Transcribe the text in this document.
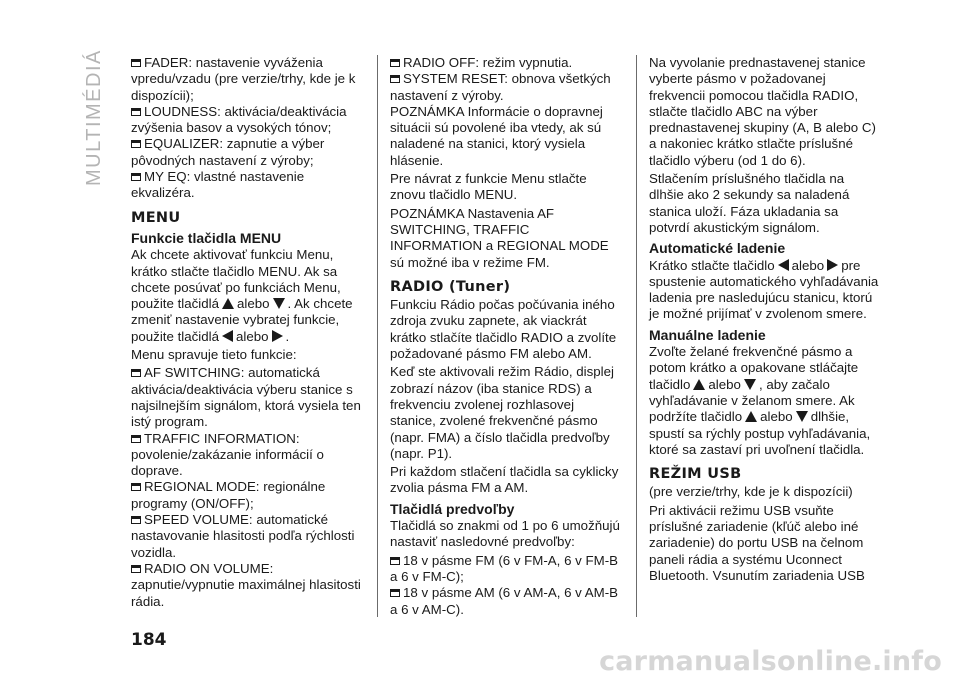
MULTIMÉDIÁ	FADER: nastavenie vyváženia vpredu/vzadu (pre verzie/trhy, kde je k dispozícii);

LOUDNESS: aktivácia/deaktivácia zvýšenia basov a vysokých tónov;

EQUALIZER: zapnutie a výber pôvodných nastavení z výroby;

MY EQ: vlastné nastavenie ekvalizéra.

MENU
Funkcie tlačidla MENU

Ak chcete aktivovať funkciu Menu, krátko stlačte tlačidlo MENU. Ak sa chcete posúvať po funkciách Menu, použite tlačidlá alebo . Ak chcete zmeniť nastavenie vybratej funkcie, použite tlačidlá alebo .

Menu spravuje tieto funkcie:

AF SWITCHING: automatická aktivácia/deaktivácia výberu stanice s najsilnejším signálom, ktorá vysiela ten istý program.

TRAFFIC INFORMATION: povolenie/zakázanie informácií o doprave.

REGIONAL MODE: regionálne programy (ON/OFF);

SPEED VOLUME: automatické nastavovanie hlasitosti podľa rýchlosti vozidla.

RADIO ON VOLUME: zapnutie/vypnutie maximálnej hlasitosti rádia.

RADIO OFF: režim vypnutia.

SYSTEM RESET: obnova všetkých nastavení z výroby.

POZNÁMKA Informácie o dopravnej situácii sú povolené iba vtedy, ak sú naladené na stanici, ktorý vysiela hlásenie.

Pre návrat z funkcie Menu stlačte znovu tlačidlo MENU.

POZNÁMKA Nastavenia AF SWITCHING, TRAFFIC INFORMATION a REGIONAL MODE sú možné iba v režime FM.

RADIO (Tuner)

Funkciu Rádio počas počúvania iného zdroja zvuku zapnete, ak viackrát krátko stlačíte tlačidlo RADIO a zvolíte požadované pásmo FM alebo AM.

Keď ste aktivovali režim Rádio, displej zobrazí názov (iba stanice RDS) a frekvenciu zvolenej rozhlasovej stanice, zvolené frekvenčné pásmo (napr. FMA) a číslo tlačidla predvoľby (napr. P1).

Pri každom stlačení tlačidla sa cyklicky zvolia pásma FM a AM.

Tlačidlá predvoľby

Tlačidlá so znakmi od 1 po 6 umožňujú nastaviť nasledovné predvoľby:

18 v pásme FM (6 v FM-A, 6 v FM-B a 6 v FM-C);

18 v pásme AM (6 v AM-A, 6 v AM-B a 6 v AM-C).

Na vyvolanie prednastavenej stanice vyberte pásmo v požadovanej frekvencii pomocou tlačidla RADIO, stlačte tlačidlo ABC na výber prednastavenej skupiny (A, B alebo C) a nakoniec krátko stlačte príslušné tlačidlo výberu (od 1 do 6).

Stlačením príslušného tlačidla na dlhšie ako 2 sekundy sa naladená stanica uloží. Fáza ukladania sa potvrdí akustickým signálom.

Automatické ladenie

Krátko stlačte tlačidlo alebo pre spustenie automatického vyhľadávania ladenia pre nasledujúcu stanicu, ktorú je možné prijímať v zvolenom smere.

Manuálne ladenie

Zvoľte želané frekvenčné pásmo a potom krátko a opakovane stláčajte tlačidlo alebo , aby začalo vyhľadávanie v želanom smere. Ak podržíte tlačidlo alebo dlhšie, spustí sa rýchly postup vyhľadávania, ktoré sa zastaví pri uvoľnení tlačidla.

REŽIM USB

(pre verzie/trhy, kde je k dispozícii)

Pri aktivácii režimu USB vsuňte príslušné zariadenie (kľúč alebo iné zariadenie) do portu USB na čelnom paneli rádia a systému Uconnect Bluetooth. Vsunutím zariadenia USB

184
carmanualsonline.info
